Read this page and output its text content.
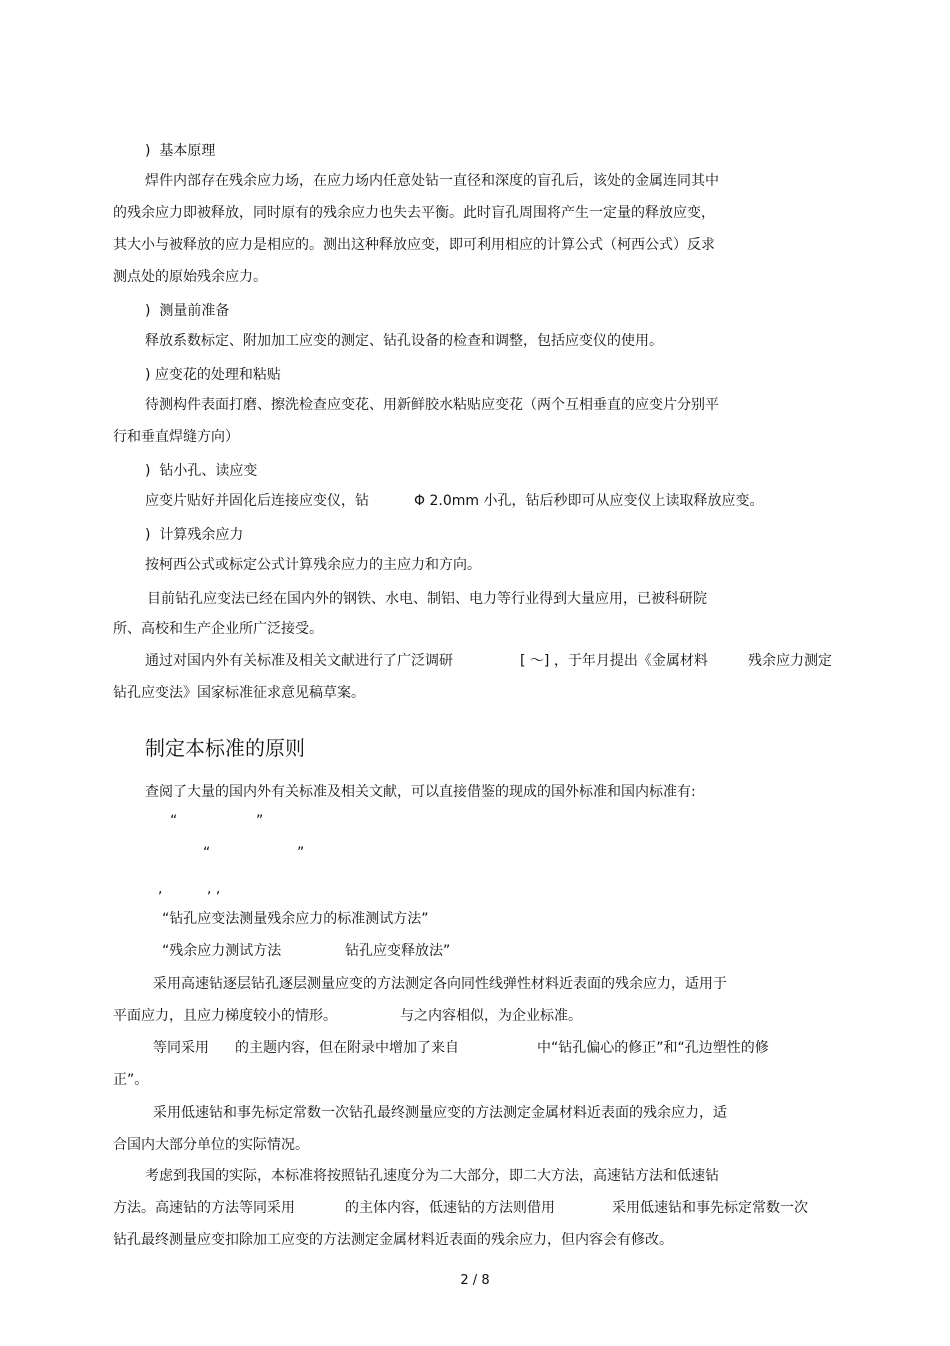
)  基本原理
焊件内部存在残余应力场，在应力场内任意处钻一直径和深度的盲孔后，该处的金属连同其中
的残余应力即被释放，同时原有的残余应力也失去平衡。此时盲孔周围将产生一定量的释放应变，
其大小与被释放的应力是相应的。测出这种释放应变，即可利用相应的计算公式（柯西公式）反求
测点处的原始残余应力。
)  测量前准备
释放系数标定、附加加工应变的测定、钻孔设备的检查和调整，包括应变仪的使用。
) 应变花的处理和粘贴
待测构件表面打磨、擦洗检查应变花、用新鲜胶水粘贴应变花（两个互相垂直的应变片分别平
行和垂直焊缝方向）
)  钻小孔、读应变
应变片贴好并固化后连接应变仪，钻	Φ 2.0mm 小孔，钻后秒即可从应变仪上读取释放应变。
)  计算残余应力
按柯西公式或标定公式计算残余应力的主应力和方向。
目前钻孔应变法已经在国内外的钢铁、水电、制铝、电力等行业得到大量应用，已被科研院
所、高校和生产企业所广泛接受。
通过对国内外有关标准及相关文献进行了广泛调研	[ ～] ，于年月提出《金属材料	残余应力测定
钻孔应变法》国家标准征求意见稿草案。
制定本标准的原则
查阅了大量的国内外有关标准及相关文献，可以直接借鉴的现成的国外标准和国内标准有:
“	”
“	”
,	, ,
“钻孔应变法测量残余应力的标准测试方法”
“残余应力测试方法	钻孔应变释放法”
采用高速钻逐层钻孔逐层测量应变的方法测定各向同性线弹性材料近表面的残余应力，适用于
平面应力，且应力梯度较小的情形。	与之内容相似，为企业标准。
等同采用 的主题内容，但在附录中增加了来自	中“钻孔偏心的修正”和“孔边塑性的修
正”。
采用低速钻和事先标定常数一次钻孔最终测量应变的方法测定金属材料近表面的残余应力，适
合国内大部分单位的实际情况。
考虑到我国的实际，本标准将按照钻孔速度分为二大部分，即二大方法，高速钻方法和低速钻
方法。高速钻的方法等同采用	的主体内容，低速钻的方法则借用	采用低速钻和事先标定常数一次
钻孔最终测量应变扣除加工应变的方法测定金属材料近表面的残余应力，但内容会有修改。
2 / 8
